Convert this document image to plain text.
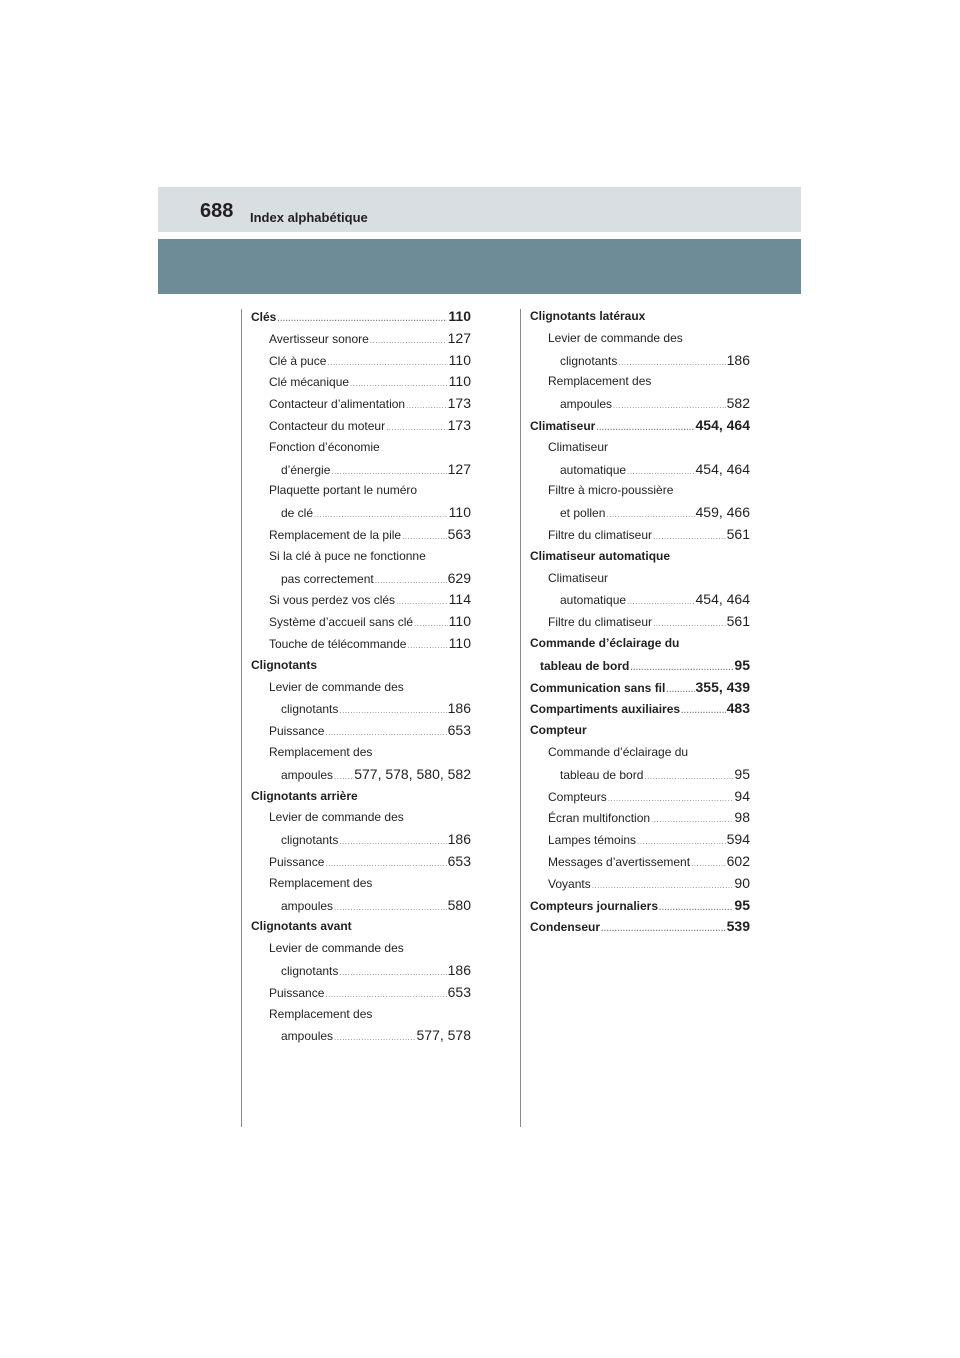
688 Index alphabétique
Clés .....	110
Avertisseur sonore .....	127
Clé à puce .....	110
Clé mécanique .....	110
Contacteur d’alimentation .....	173
Contacteur du moteur .....	173
Fonction d’économie
d’énergie .....	127
Plaquette portant le numéro
de clé .....	110
Remplacement de la pile .....	563
Si la clé à puce ne fonctionne
pas correctement .....	629
Si vous perdez vos clés .....	114
Système d’accueil sans clé .....	110
Touche de télécommande .....	110
Clignotants
Levier de commande des
clignotants .....	186
Puissance .....	653
Remplacement des
ampoules ..... 577, 578, 580, 582
Clignotants arrière
Levier de commande des
clignotants .....	186
Puissance .....	653
Remplacement des
ampoules .....	580
Clignotants avant
Levier de commande des
clignotants .....	186
Puissance .....	653
Remplacement des
ampoules .....	577, 578
Clignotants latéraux
Levier de commande des
clignotants .....	186
Remplacement des
ampoules .....	582
Climatiseur .....	454, 464
Climatiseur
automatique .....	454, 464
Filtre à micro-poussière
et pollen .....	459, 466
Filtre du climatiseur .....	561
Climatiseur automatique
Climatiseur
automatique .....	454, 464
Filtre du climatiseur .....	561
Commande d’éclairage du
tableau de bord .....	95
Communication sans fil ..... 355, 439
Compartiments auxiliaires .....	483
Compteur
Commande d’éclairage du
tableau de bord .....	95
Compteurs .....	94
Écran multifonction .....	98
Lampes témoins .....	594
Messages d’avertissement .....	602
Voyants .....	90
Compteurs journaliers .....	95
Condenseur .....	539
